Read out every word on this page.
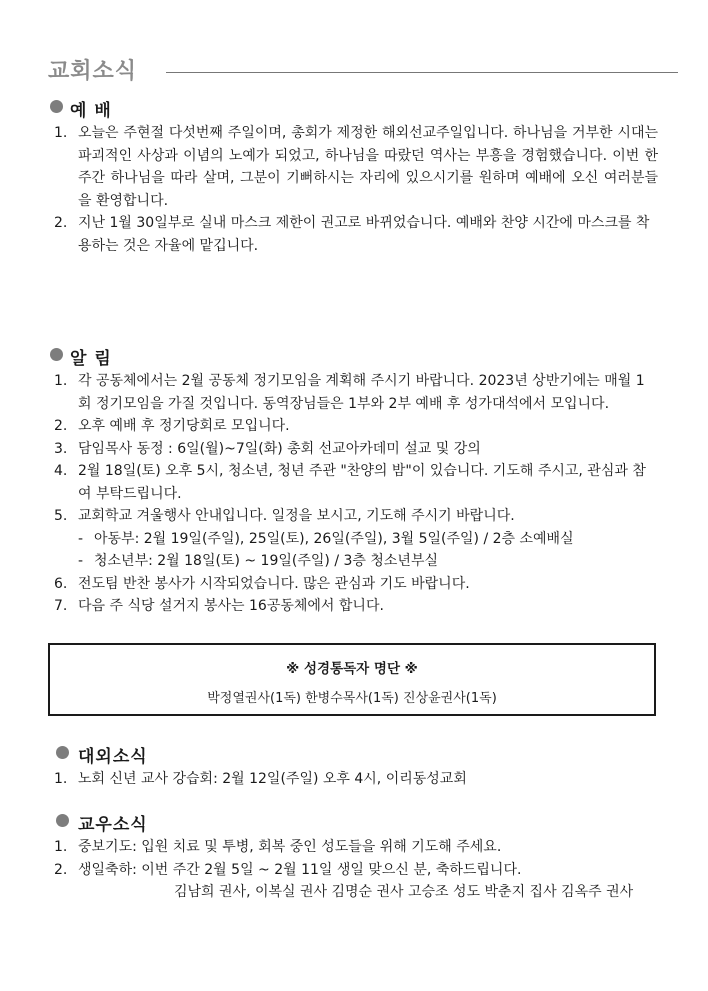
교회소식
예 배
1. 오늘은 주현절 다섯번째 주일이며, 총회가 제정한 해외선교주일입니다. 하나님을 거부한 시대는 파괴적인 사상과 이념의 노예가 되었고, 하나님을 따랐던 역사는 부흥을 경험했습니다. 이번 한 주간 하나님을 따라 살며, 그분이 기뻐하시는 자리에 있으시기를 원하며 예배에 오신 여러분들을 환영합니다.
2. 지난 1월 30일부로 실내 마스크 제한이 권고로 바뀌었습니다. 예배와 찬양 시간에 마스크를 착용하는 것은 자율에 맡깁니다.
알 림
1. 각 공동체에서는 2월 공동체 정기모임을 계획해 주시기 바랍니다. 2023년 상반기에는 매월 1회 정기모임을 가질 것입니다. 동역장님들은 1부와 2부 예배 후 성가대석에서 모입니다.
2. 오후 예배 후 정기당회로 모입니다.
3. 담임목사 동정 : 6일(월)~7일(화) 총회 선교아카데미 설교 및 강의
4. 2월 18일(토) 오후 5시, 청소년, 청년 주관 "찬양의 밤"이 있습니다. 기도해 주시고, 관심과 참여 부탁드립니다.
5. 교회학교 겨울행사 안내입니다. 일정을 보시고, 기도해 주시기 바랍니다.
- 아동부: 2월 19일(주일), 25일(토), 26일(주일), 3월 5일(주일) / 2층 소예배실
- 청소년부: 2월 18일(토) ~ 19일(주일) / 3층 청소년부실
6. 전도팀 반찬 봉사가 시작되었습니다. 많은 관심과 기도 바랍니다.
7. 다음 주 식당 설거지 봉사는 16공동체에서 합니다.
※ 성경통독자 명단 ※
박정열권사(1독) 한병수목사(1독) 진상윤권사(1독)
대외소식
1. 노회 신년 교사 강습회: 2월 12일(주일) 오후 4시, 이리동성교회
교우소식
1. 중보기도: 입원 치료 및 투병, 회복 중인 성도들을 위해 기도해 주세요.
2. 생일축하: 이번 주간 2월 5일 ~ 2월 11일 생일 맞으신 분, 축하드립니다.
김남희 권사, 이복실 권사 김명순 권사 고승조 성도 박춘지 집사 김옥주 권사
